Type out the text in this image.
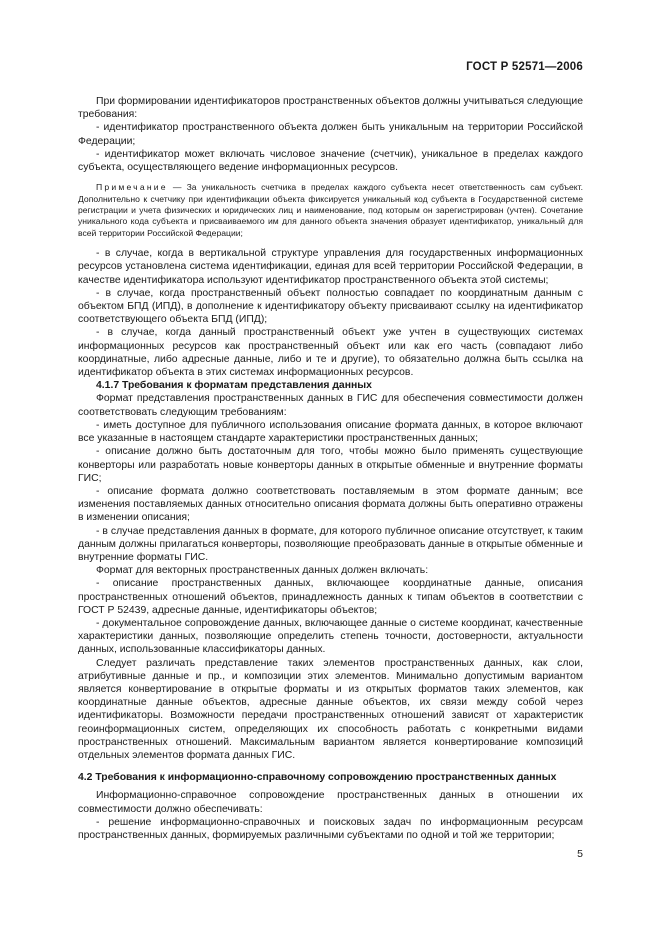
ГОСТ Р 52571—2006

При формировании идентификаторов пространственных объектов должны учитываться следующие требования:

- идентификатор пространственного объекта должен быть уникальным на территории Российской Федерации;

- идентификатор может включать числовое значение (счетчик), уникальное в пределах каждого субъекта, осуществляющего ведение информационных ресурсов.

Примечание — За уникальность счетчика в пределах каждого субъекта несет ответственность сам субъект. Дополнительно к счетчику при идентификации объекта фиксируется уникальный код субъекта в Государственной системе регистрации и учета физических и юридических лиц и наименование, под которым он зарегистрирован (учтен). Сочетание уникального кода субъекта и присваиваемого им для данного объекта значения образует идентификатор, уникальный для всей территории Российской Федерации;

- в случае, когда в вертикальной структуре управления для государственных информационных ресурсов установлена система идентификации, единая для всей территории Российской Федерации, в качестве идентификатора используют идентификатор пространственного объекта этой системы;

- в случае, когда пространственный объект полностью совпадает по координатным данным с объектом БПД (ИПД), в дополнение к идентификатору объекту присваивают ссылку на идентификатор соответствующего объекта БПД (ИПД);

- в случае, когда данный пространственный объект уже учтен в существующих системах информационных ресурсов как пространственный объект или как его часть (совпадают либо координатные, либо адресные данные, либо и те и другие), то обязательно должна быть ссылка на идентификатор объекта в этих системах информационных ресурсов.

4.1.7 Требования к форматам представления данных

Формат представления пространственных данных в ГИС для обеспечения совместимости должен соответствовать следующим требованиям:

- иметь доступное для публичного использования описание формата данных, в которое включают все указанные в настоящем стандарте характеристики пространственных данных;

- описание должно быть достаточным для того, чтобы можно было применять существующие конверторы или разработать новые конверторы данных в открытые обменные и внутренние форматы ГИС;

- описание формата должно соответствовать поставляемым в этом формате данным; все изменения поставляемых данных относительно описания формата должны быть оперативно отражены в изменении описания;

- в случае представления данных в формате, для которого публичное описание отсутствует, к таким данным должны прилагаться конверторы, позволяющие преобразовать данные в открытые обменные и внутренние форматы ГИС.

Формат для векторных пространственных данных должен включать:

- описание пространственных данных, включающее координатные данные, описания пространственных отношений объектов, принадлежность данных к типам объектов в соответствии с ГОСТ Р 52439, адресные данные, идентификаторы объектов;

- документальное сопровождение данных, включающее данные о системе координат, качественные характеристики данных, позволяющие определить степень точности, достоверности, актуальности данных, использованные классификаторы данных.

Следует различать представление таких элементов пространственных данных, как слои, атрибутивные данные и пр., и композиции этих элементов. Минимально допустимым вариантом является конвертирование в открытые форматы и из открытых форматов таких элементов, как координатные данные объектов, адресные данные объектов, их связи между собой через идентификаторы. Возможности передачи пространственных отношений зависят от характеристик геоинформационных систем, определяющих их способность работать с конкретными видами пространственных отношений. Максимальным вариантом является конвертирование композиций отдельных элементов формата данных ГИС.

4.2 Требования к информационно-справочному сопровождению пространственных данных

Информационно-справочное сопровождение пространственных данных в отношении их совместимости должно обеспечивать:

- решение информационно-справочных и поисковых задач по информационным ресурсам пространственных данных, формируемых различными субъектами по одной и той же территории;

5
